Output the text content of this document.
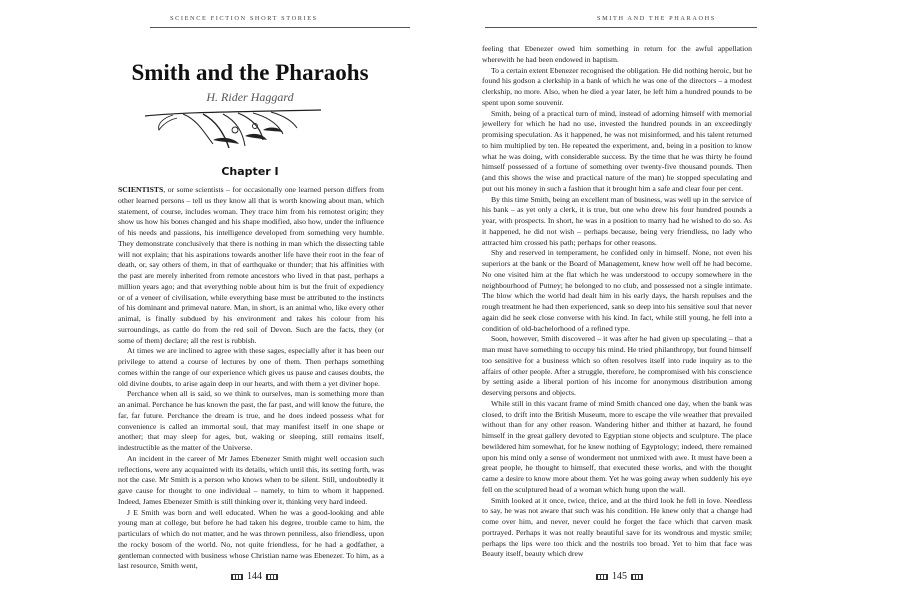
SCIENCE FICTION SHORT STORIES
Smith and the Pharaohs
H. Rider Haggard
Chapter I

SCIENTISTS, or some scientists – for occasionally one learned person differs from other learned persons – tell us they know all that is worth knowing about man, which statement, of course, includes woman. They trace him from his remotest origin; they show us how his bones changed and his shape modified, also how, under the influence of his needs and passions, his intelligence developed from something very humble. They demonstrate conclusively that there is nothing in man which the dissecting table will not explain; that his aspirations towards another life have their root in the fear of death, or, say others of them, in that of earthquake or thunder; that his affinities with the past are merely inherited from remote ancestors who lived in that past, perhaps a million years ago; and that everything noble about him is but the fruit of expediency or of a veneer of civilisation, while everything base must be attributed to the instincts of his dominant and primeval nature. Man, in short, is an animal who, like every other animal, is finally subdued by his environment and takes his colour from his surroundings, as cattle do from the red soil of Devon. Such are the facts, they (or some of them) declare; all the rest is rubbish.

At times we are inclined to agree with these sages, especially after it has been our privilege to attend a course of lectures by one of them. Then perhaps something comes within the range of our experience which gives us pause and causes doubts, the old divine doubts, to arise again deep in our hearts, and with them a yet diviner hope.

Perchance when all is said, so we think to ourselves, man is something more than an animal. Perchance he has known the past, the far past, and will know the future, the far, far future. Perchance the dream is true, and he does indeed possess what for convenience is called an immortal soul, that may manifest itself in one shape or another; that may sleep for ages, but, waking or sleeping, still remains itself, indestructible as the matter of the Universe.

An incident in the career of Mr James Ebenezer Smith might well occasion such reflections, were any acquainted with its details, which until this, its setting forth, was not the case. Mr Smith is a person who knows when to be silent. Still, undoubtedly it gave cause for thought to one individual – namely, to him to whom it happened. Indeed, James Ebenezer Smith is still thinking over it, thinking very hard indeed.

J E Smith was born and well educated. When he was a good-looking and able young man at college, but before he had taken his degree, trouble came to him, the particulars of which do not matter, and he was thrown penniless, also friendless, upon the rocky bosom of the world. No, not quite friendless, for he had a godfather, a gentleman connected with business whose Christian name was Ebenezer. To him, as a last resource, Smith went,

144
SMITH AND THE PHARAOHS

feeling that Ebenezer owed him something in return for the awful appellation wherewith he had been endowed in baptism.

To a certain extent Ebenezer recognised the obligation. He did nothing heroic, but he found his godson a clerkship in a bank of which he was one of the directors – a modest clerkship, no more. Also, when he died a year later, he left him a hundred pounds to be spent upon some souvenir.

Smith, being of a practical turn of mind, instead of adorning himself with memorial jewellery for which he had no use, invested the hundred pounds in an exceedingly promising speculation. As it happened, he was not misinformed, and his talent returned to him multiplied by ten. He repeated the experiment, and, being in a position to know what he was doing, with considerable success. By the time that he was thirty he found himself possessed of a fortune of something over twenty-five thousand pounds. Then (and this shows the wise and practical nature of the man) he stopped speculating and put out his money in such a fashion that it brought him a safe and clear four per cent.

By this time Smith, being an excellent man of business, was well up in the service of his bank – as yet only a clerk, it is true, but one who drew his four hundred pounds a year, with prospects. In short, he was in a position to marry had he wished to do so. As it happened, he did not wish – perhaps because, being very friendless, no lady who attracted him crossed his path; perhaps for other reasons.

Shy and reserved in temperament, he confided only in himself. None, not even his superiors at the bank or the Board of Management, knew how well off he had become. No one visited him at the flat which he was understood to occupy somewhere in the neighbourhood of Putney; he belonged to no club, and possessed not a single intimate. The blow which the world had dealt him in his early days, the harsh repulses and the rough treatment he had then experienced, sank so deep into his sensitive soul that never again did he seek close converse with his kind. In fact, while still young, he fell into a condition of old-bachelorhood of a refined type.

Soon, however, Smith discovered – it was after he had given up speculating – that a man must have something to occupy his mind. He tried philanthropy, but found himself too sensitive for a business which so often resolves itself into rude inquiry as to the affairs of other people. After a struggle, therefore, he compromised with his conscience by setting aside a liberal portion of his income for anonymous distribution among deserving persons and objects.

While still in this vacant frame of mind Smith chanced one day, when the bank was closed, to drift into the British Museum, more to escape the vile weather that prevailed without than for any other reason. Wandering hither and thither at hazard, he found himself in the great gallery devoted to Egyptian stone objects and sculpture. The place bewildered him somewhat, for he knew nothing of Egyptology; indeed, there remained upon his mind only a sense of wonderment not unmixed with awe. It must have been a great people, he thought to himself, that executed these works, and with the thought came a desire to know more about them. Yet he was going away when suddenly his eye fell on the sculptured head of a woman which hung upon the wall.

Smith looked at it once, twice, thrice, and at the third look he fell in love. Needless to say, he was not aware that such was his condition. He knew only that a change had come over him, and never, never could he forget the face which that carven mask portrayed. Perhaps it was not really beautiful save for its wondrous and mystic smile; perhaps the lips were too thick and the nostrils too broad. Yet to him that face was Beauty itself, beauty which drew

145
